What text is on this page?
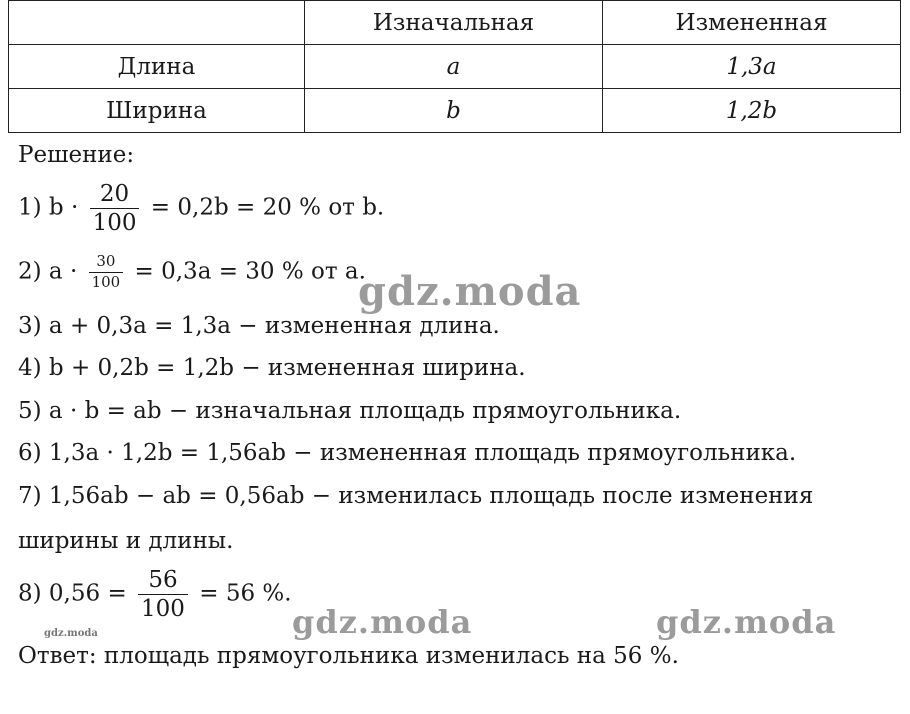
	Изначальная	Измененная
Длина	a	1,3a
Ширина	b	1,2b
Решение:
1) $b \cdot \frac{20}{100} = 0,2b = 20$ % от b.
2) $a \cdot \frac{30}{100} = 0,3a = 30$ % от a.
3) a + 0,3a = 1,3a − измененная длина.
4) b + 0,2b = 1,2b − измененная ширина.
5) a · b = ab − изначальная площадь прямоугольника.
6) 1,3a · 1,2b = 1,56ab − измененная площадь прямоугольника.
7) 1,56ab − ab = 0,56ab − изменилась площадь после изменения
ширины и длины.
8) $0,56 = \frac{56}{100} = 56$ %.
Ответ: площадь прямоугольника изменилась на 56 %.
gdz.moda
gdz.moda	gdz.moda
gdz.moda
